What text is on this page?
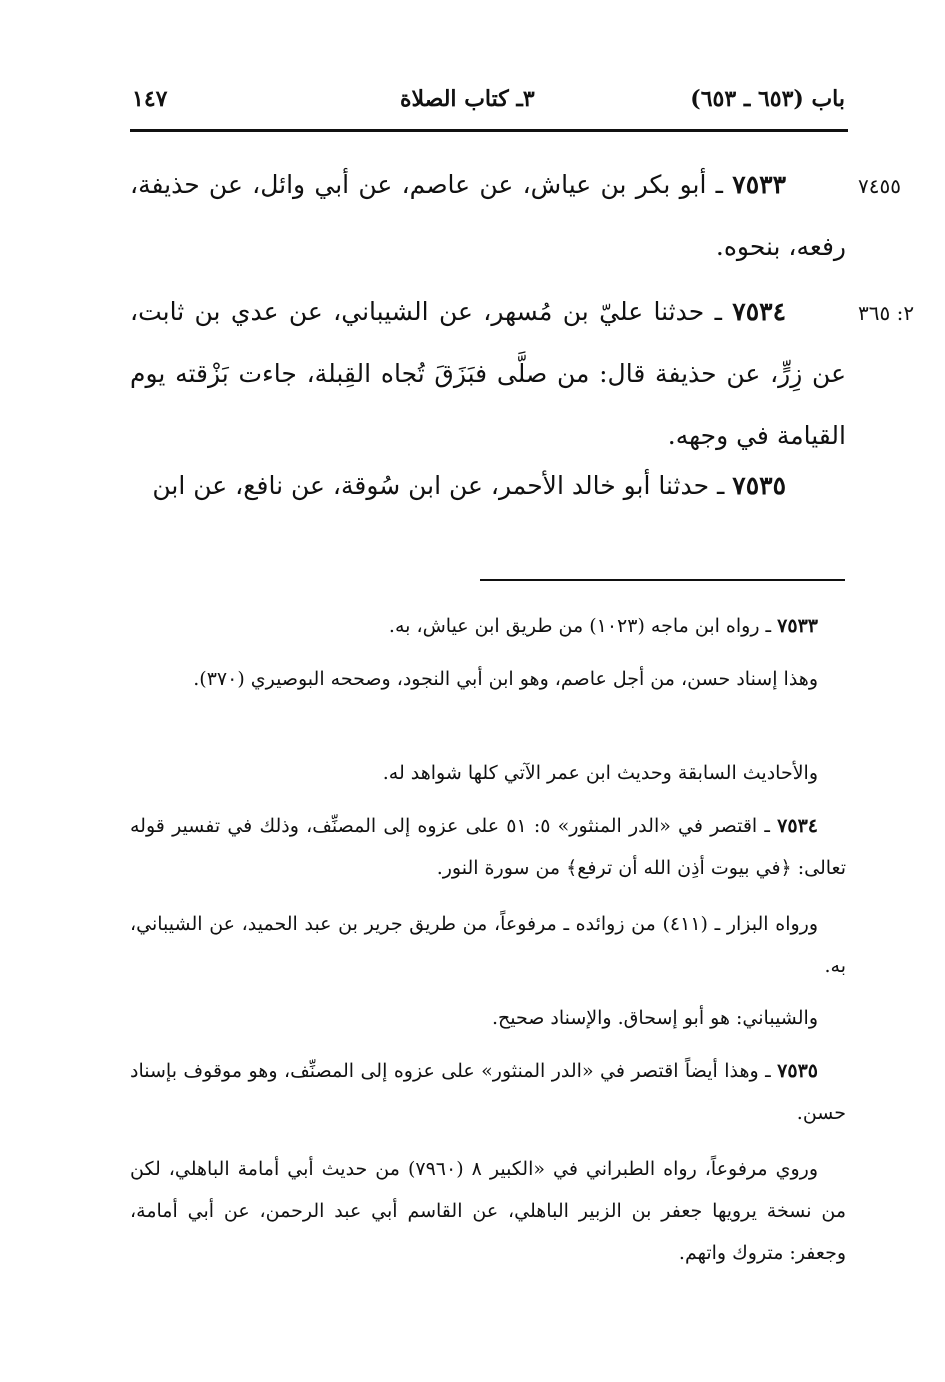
باب (٦٥٣ ـ ٦٥٣)
٣ـ كتاب الصلاة
١٤٧
٧٤٥٥
٧٥٣٣ ـ أبو بكر بن عياش، عن عاصم، عن أبي وائل، عن حذيفة، رفعه، بنحوه.
٢: ٣٦٥
٧٥٣٤ ـ حدثنا عليّ بن مُسهر، عن الشيباني، عن عدي بن ثابت، عن زِرٍّ، عن حذيفة قال: من صلَّى فبَزَقَ تُجاه القِبلة، جاءت بَزْقته يوم القيامة في وجهه.
٧٥٣٥ ـ حدثنا أبو خالد الأحمر، عن ابن سُوقة، عن نافع، عن ابن
٧٥٣٣ ـ رواه ابن ماجه (١٠٢٣) من طريق ابن عياش، به.
وهذا إسناد حسن، من أجل عاصم، وهو ابن أبي النجود، وصححه البوصيري (٣٧٠).
والأحاديث السابقة وحديث ابن عمر الآتي كلها شواهد له.
٧٥٣٤ ـ اقتصر في «الدر المنثور» ٥: ٥١ على عزوه إلى المصنِّف، وذلك في تفسير قوله تعالى: ﴿في بيوت أذِن الله أن ترفع﴾ من سورة النور.
ورواه البزار ـ (٤١١) من زوائده ـ مرفوعاً، من طريق جرير بن عبد الحميد، عن الشيباني، به.
والشيباني: هو أبو إسحاق. والإسناد صحيح.
٧٥٣٥ ـ وهذا أيضاً اقتصر في «الدر المنثور» على عزوه إلى المصنِّف، وهو موقوف بإسناد حسن.
وروي مرفوعاً، رواه الطبراني في «الكبير ٨ (٧٩٦٠) من حديث أبي أمامة الباهلي، لكن من نسخة يرويها جعفر بن الزبير الباهلي، عن القاسم أبي عبد الرحمن، عن أبي أمامة، وجعفر: متروك واتهم.
